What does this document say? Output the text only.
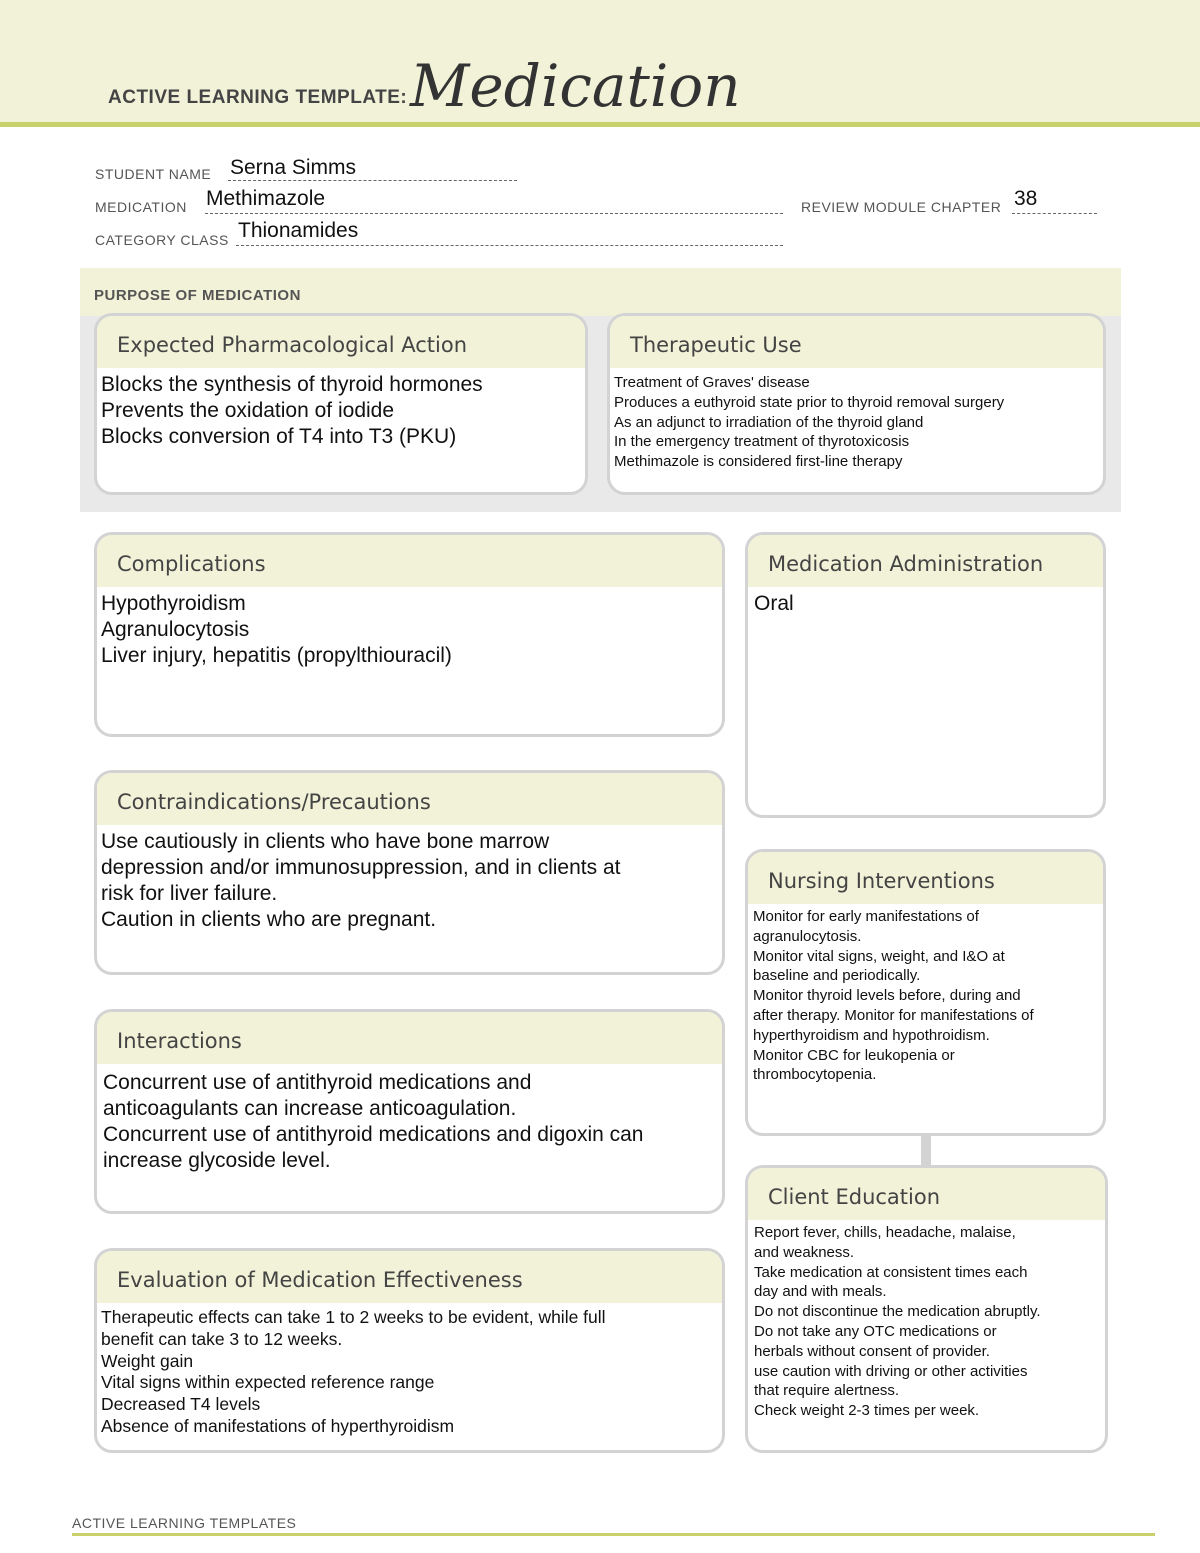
ACTIVE LEARNING TEMPLATE: Medication
STUDENT NAME Serna Simms
MEDICATION Methimazole	REVIEW MODULE CHAPTER 38
CATEGORY CLASS Thionamides
PURPOSE OF MEDICATION
Expected Pharmacological Action
Blocks the synthesis of thyroid hormones
Prevents the oxidation of iodide
Blocks conversion of T4 into T3 (PKU)
Therapeutic Use
Treatment of Graves' disease
Produces a euthyroid state prior to thyroid removal surgery
As an adjunct to irradiation of the thyroid gland
In the emergency treatment of thyrotoxicosis
Methimazole is considered first-line therapy
Complications
Hypothyroidism
Agranulocytosis
Liver injury, hepatitis (propylthiouracil)
Medication Administration
Oral
Contraindications/Precautions
Use cautiously in clients who have bone marrow
depression and/or immunosuppression, and in clients at
risk for liver failure.
Caution in clients who are pregnant.
Nursing Interventions
Monitor for early manifestations of
agranulocytosis.
Monitor vital signs, weight, and I&O at
baseline and periodically.
Monitor thyroid levels before, during and
after therapy. Monitor for manifestations of
hyperthyroidism and hypothroidism.
Monitor CBC for leukopenia or
thrombocytopenia.
Interactions
Concurrent use of antithyroid medications and
anticoagulants can increase anticoagulation.
Concurrent use of antithyroid medications and digoxin can
increase glycoside level.
Client Education
Report fever, chills, headache, malaise,
and weakness.
Take medication at consistent times each
day and with meals.
Do not discontinue the medication abruptly.
Do not take any OTC medications or
herbals without consent of provider.
use caution with driving or other activities
that require alertness.
Check weight 2-3 times per week.
Evaluation of Medication Effectiveness
Therapeutic effects can take 1 to 2 weeks to be evident, while full
benefit can take 3 to 12 weeks.
Weight gain
Vital signs within expected reference range
Decreased T4 levels
Absence of manifestations of hyperthyroidism
ACTIVE LEARNING TEMPLATES
